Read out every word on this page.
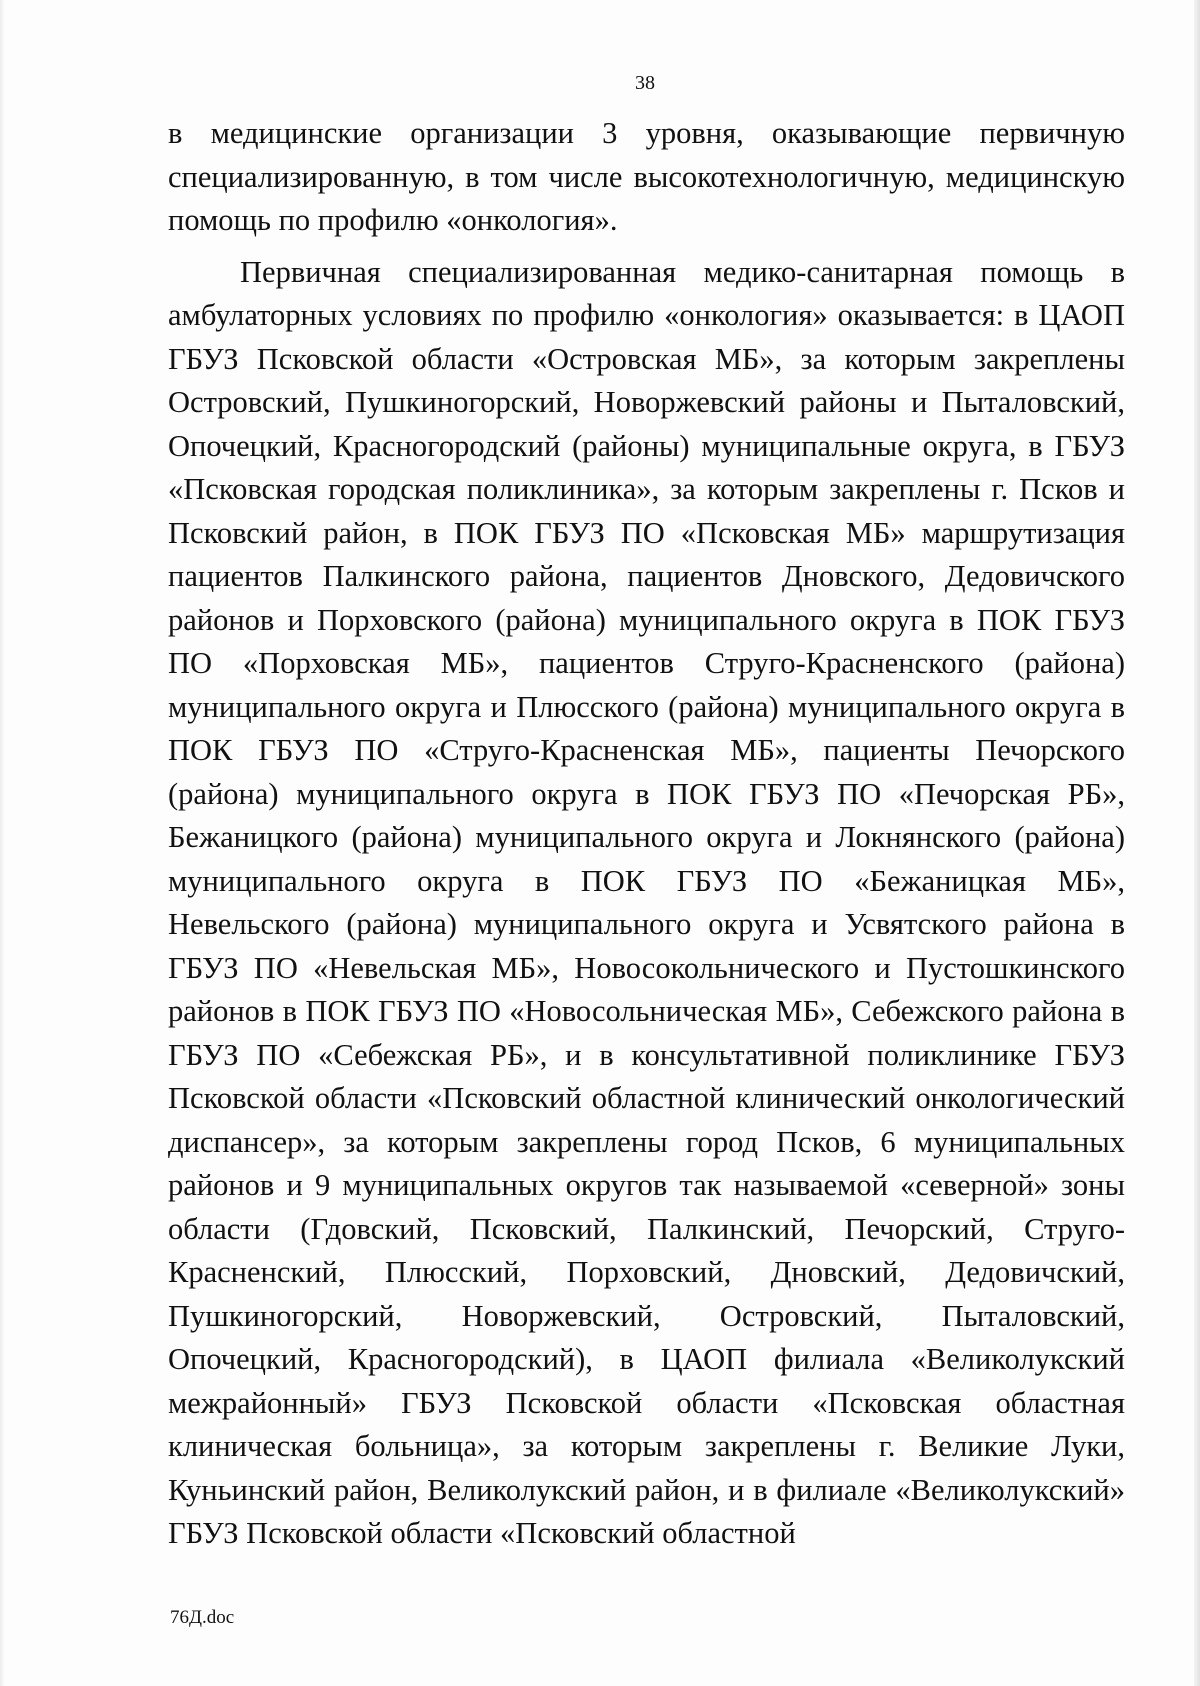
38

в медицинские организации 3 уровня, оказывающие первичную специализированную, в том числе высокотехнологичную, медицинскую помощь по профилю «онкология».

Первичная специализированная медико-санитарная помощь в амбулаторных условиях по профилю «онкология» оказывается: в ЦАОП ГБУЗ Псковской области «Островская МБ», за которым закреплены Островский, Пушкиногорский, Новоржевский районы и Пыталовский, Опочецкий, Красногородский (районы) муниципальные округа, в ГБУЗ «Псковская городская поликлиника», за которым закреплены г. Псков и Псковский район, в ПОК ГБУЗ ПО «Псковская МБ» маршрутизация пациентов Палкинского района, пациентов Дновского, Дедовичского районов и Порховского (района) муниципального округа в ПОК ГБУЗ ПО «Порховская МБ», пациентов Струго-Красненского (района) муниципального округа и Плюсского (района) муниципального округа в ПОК ГБУЗ ПО «Струго-Красненская МБ», пациенты Печорского (района) муниципального округа в ПОК ГБУЗ ПО «Печорская РБ», Бежаницкого (района) муниципального округа и Локнянского (района) муниципального округа в ПОК ГБУЗ ПО «Бежаницкая МБ», Невельского (района) муниципального округа и Усвятского района в ГБУЗ ПО «Невельская МБ», Новосокольнического и Пустошкинского районов в ПОК ГБУЗ ПО «Новосольническая МБ», Себежского района в ГБУЗ ПО «Себежская РБ», и в консультативной поликлинике ГБУЗ Псковской области «Псковский областной клинический онкологический диспансер», за которым закреплены город Псков, 6 муниципальных районов и 9 муниципальных округов так называемой «северной» зоны области (Гдовский, Псковский, Палкинский, Печорский, Струго-Красненский, Плюсский, Порховский, Дновский, Дедовичский, Пушкиногорский, Новоржевский, Островский, Пыталовский, Опочецкий, Красногородский), в ЦАОП филиала «Великолукский межрайонный» ГБУЗ Псковской области «Псковская областная клиническая больница», за которым закреплены г. Великие Луки, Куньинский район, Великолукский район, и в филиале «Великолукский» ГБУЗ Псковской области «Псковский областной

76Д.doc
